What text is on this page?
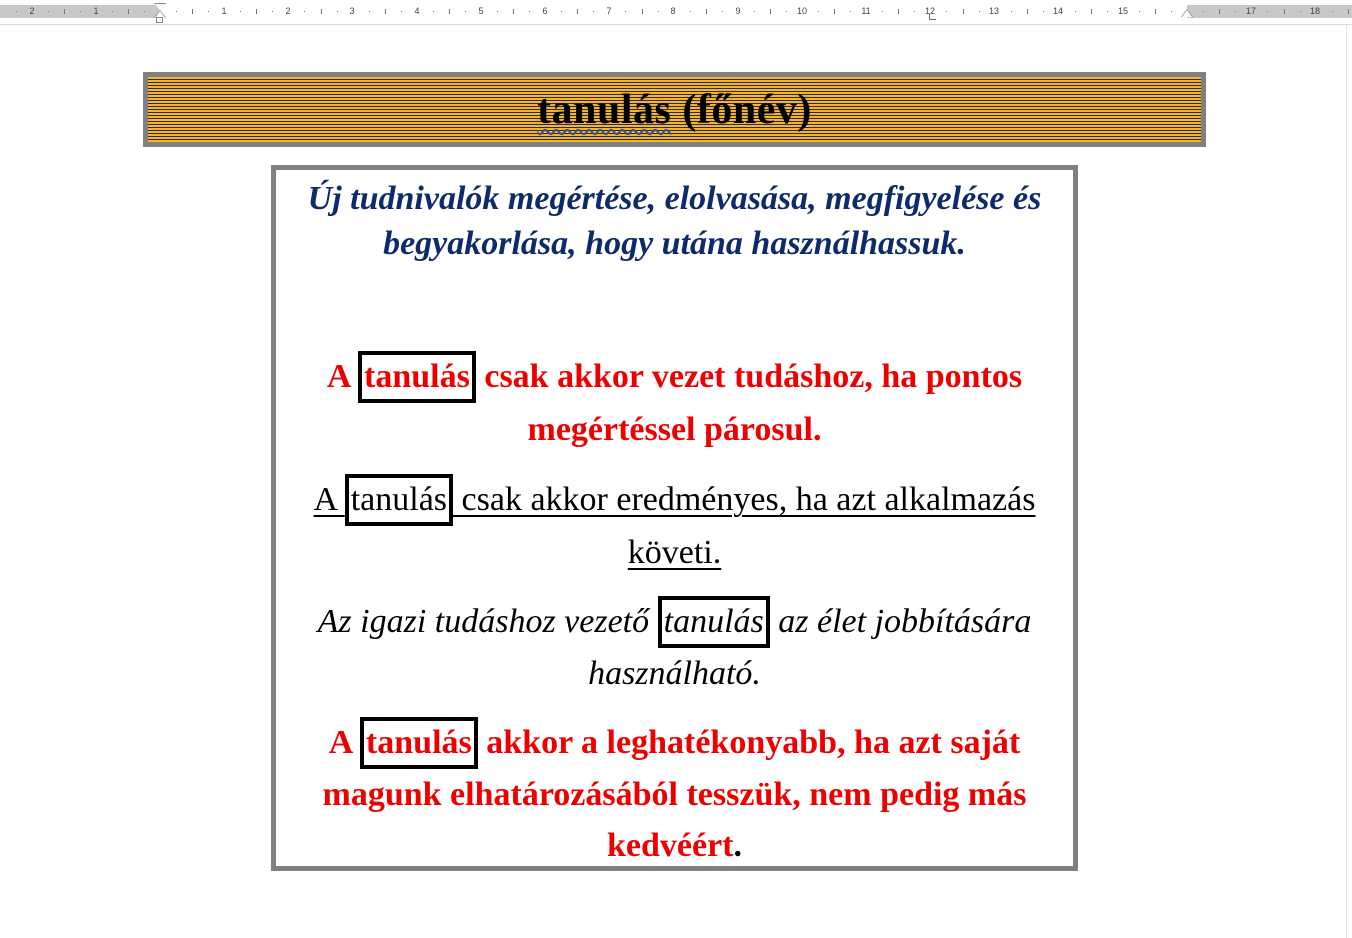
2	1	1	2	3	4	5	6	7	8	9	10	11	12	13	14	15	17	18
tanulás (főnév)

Új tudnivalók megértése, elolvasása, megfigyelése és begyakorlása, hogy utána használhassuk.

A tanulás csak akkor vezet tudáshoz, ha pontos megértéssel párosul.

A tanulás csak akkor eredményes, ha azt alkalmazás követi.

Az igazi tudáshoz vezető tanulás az élet jobbítására használható.

A tanulás akkor a leghatékonyabb, ha azt saját magunk elhatározásából tesszük, nem pedig más kedvéért.
